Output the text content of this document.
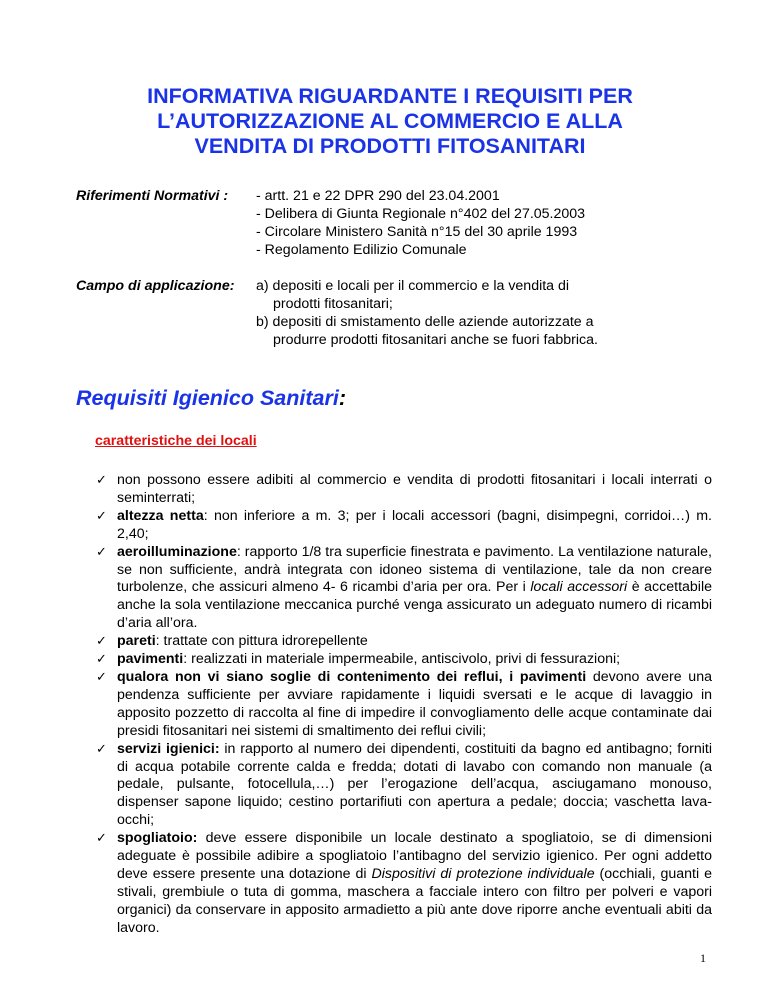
INFORMATIVA RIGUARDANTE I REQUISITI PER
L’AUTORIZZAZIONE AL COMMERCIO E ALLA
VENDITA DI PRODOTTI FITOSANITARI
Riferimenti Normativi : - artt. 21 e 22 DPR 290 del 23.04.2001
- Delibera di Giunta Regionale n°402 del 27.05.2003
- Circolare Ministero Sanità n°15 del 30 aprile 1993
- Regolamento Edilizio Comunale
Campo di applicazione: a) depositi e locali per il commercio e la vendita di
prodotti fitosanitari;
b) depositi di smistamento delle aziende autorizzate a
produrre prodotti fitosanitari anche se fuori fabbrica.
Requisiti Igienico Sanitari:
caratteristiche dei locali
✓ non possono essere adibiti al commercio e vendita di prodotti fitosanitari i locali interrati o seminterrati;
✓ altezza netta: non inferiore a m. 3; per i locali accessori (bagni, disimpegni, corridoi…) m. 2,40;
✓ aeroilluminazione: rapporto 1/8 tra superficie finestrata e pavimento. La ventilazione naturale, se non sufficiente, andrà integrata con idoneo sistema di ventilazione, tale da non creare turbolenze, che assicuri almeno 4- 6 ricambi d’aria per ora. Per i locali accessori è accettabile anche la sola ventilazione meccanica purché venga assicurato un adeguato numero di ricambi d’aria all’ora.
✓ pareti: trattate con pittura idrorepellente
✓ pavimenti: realizzati in materiale impermeabile, antiscivolo, privi di fessurazioni;
✓ qualora non vi siano soglie di contenimento dei reflui, i pavimenti devono avere una pendenza sufficiente per avviare rapidamente i liquidi sversati e le acque di lavaggio in apposito pozzetto di raccolta al fine di impedire il convogliamento delle acque contaminate dai presidi fitosanitari nei sistemi di smaltimento dei reflui civili;
✓ servizi igienici: in rapporto al numero dei dipendenti, costituiti da bagno ed antibagno; forniti di acqua potabile corrente calda e fredda; dotati di lavabo con comando non manuale (a pedale, pulsante, fotocellula,…) per l’erogazione dell’acqua, asciugamano monouso, dispenser sapone liquido; cestino portarifiuti con apertura a pedale; doccia; vaschetta lava-occhi;
✓ spogliatoio: deve essere disponibile un locale destinato a spogliatoio, se di dimensioni adeguate è possibile adibire a spogliatoio l’antibagno del servizio igienico. Per ogni addetto deve essere presente una dotazione di Dispositivi di protezione individuale (occhiali, guanti e stivali, grembiule o tuta di gomma, maschera a facciale intero con filtro per polveri e vapori organici) da conservare in apposito armadietto a più ante dove riporre anche eventuali abiti da lavoro.
1
